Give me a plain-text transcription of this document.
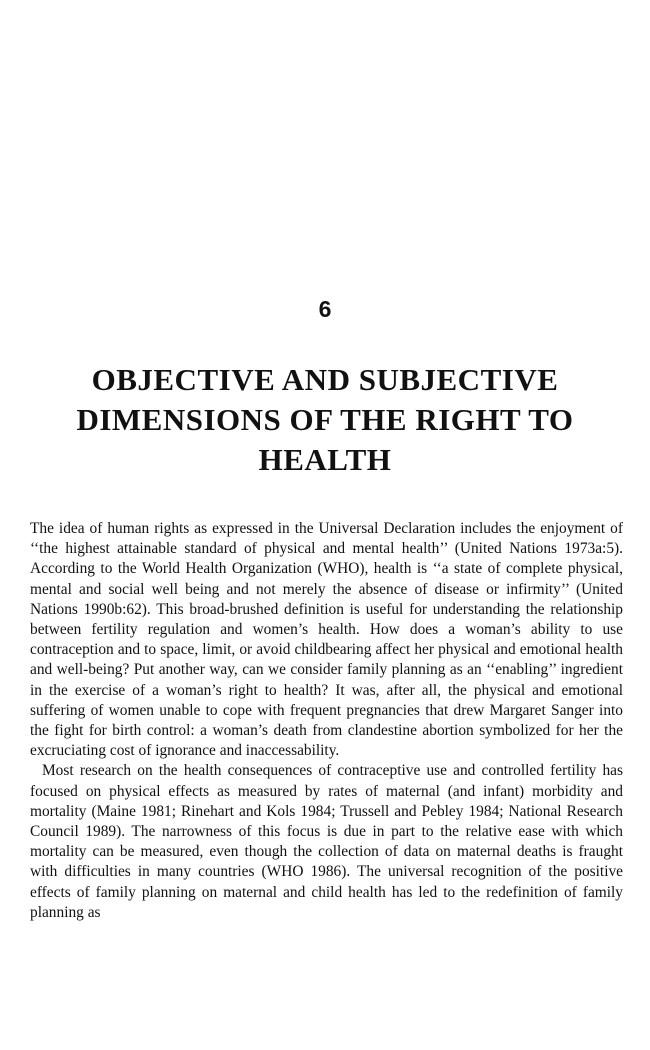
6
OBJECTIVE AND SUBJECTIVE DIMENSIONS OF THE RIGHT TO HEALTH

The idea of human rights as expressed in the Universal Declaration includes the enjoyment of ‘‘the highest attainable standard of physical and mental health’’ (United Nations 1973a:5). According to the World Health Organization (WHO), health is ‘‘a state of complete physical, mental and social well being and not merely the absence of disease or infirmity’’ (United Nations 1990b:62). This broad-brushed definition is useful for understanding the relationship between fertility regulation and women’s health. How does a woman’s ability to use contraception and to space, limit, or avoid childbearing affect her physical and emotional health and well-being? Put another way, can we consider family planning as an ‘‘enabling’’ ingredient in the exercise of a woman’s right to health? It was, after all, the physical and emotional suffering of women unable to cope with frequent pregnancies that drew Margaret Sanger into the fight for birth control: a woman’s death from clandestine abortion symbolized for her the excruciating cost of ignorance and inaccessability.

Most research on the health consequences of contraceptive use and controlled fertility has focused on physical effects as measured by rates of maternal (and infant) morbidity and mortality (Maine 1981; Rinehart and Kols 1984; Trussell and Pebley 1984; National Research Council 1989). The narrowness of this focus is due in part to the relative ease with which mortality can be measured, even though the collection of data on maternal deaths is fraught with difficulties in many countries (WHO 1986). The universal recognition of the positive effects of family planning on maternal and child health has led to the redefinition of family planning as
